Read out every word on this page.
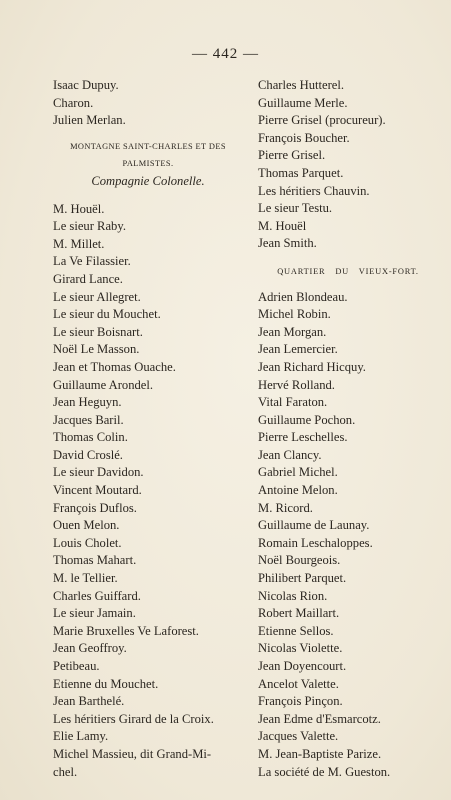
— 442 —
Isaac Dupuy.
Charon.
Julien Merlan.
MONTAGNE SAINT-CHARLES ET DES
PALMISTES.
Compagnie Colonelle.
M. Houël.
Le sieur Raby.
M. Millet.
La Ve Filassier.
Girard Lance.
Le sieur Allegret.
Le sieur du Mouchet.
Le sieur Boisnart.
Noël Le Masson.
Jean et Thomas Ouache.
Guillaume Arondel.
Jean Heguyn.
Jacques Baril.
Thomas Colin.
David Croslé.
Le sieur Davidon.
Vincent Moutard.
François Duflos.
Ouen Melon.
Louis Cholet.
Thomas Mahart.
M. le Tellier.
Charles Guiffard.
Le sieur Jamain.
Marie Bruxelles Ve Laforest.
Jean Geoffroy.
Petibeau.
Etienne du Mouchet.
Jean Barthelé.
Les héritiers Girard de la Croix.
Elie Lamy.
Michel Massieu, dit Grand-Mi-
chel.
Charles Hutterel.
Guillaume Merle.
Pierre Grisel (procureur).
François Boucher.
Pierre Grisel.
Thomas Parquet.
Les héritiers Chauvin.
Le sieur Testu.
M. Houël
Jean Smith.
QUARTIER DU VIEUX-FORT.
Adrien Blondeau.
Michel Robin.
Jean Morgan.
Jean Lemercier.
Jean Richard Hicquy.
Hervé Rolland.
Vital Faraton.
Guillaume Pochon.
Pierre Leschelles.
Jean Clancy.
Gabriel Michel.
Antoine Melon.
M. Ricord.
Guillaume de Launay.
Romain Leschaloppes.
Noël Bourgeois.
Philibert Parquet.
Nicolas Rion.
Robert Maillart.
Etienne Sellos.
Nicolas Violette.
Jean Doyencourt.
Ancelot Valette.
François Pinçon.
Jean Edme d'Esmarcotz.
Jacques Valette.
M. Jean-Baptiste Parize.
La société de M. Gueston.
